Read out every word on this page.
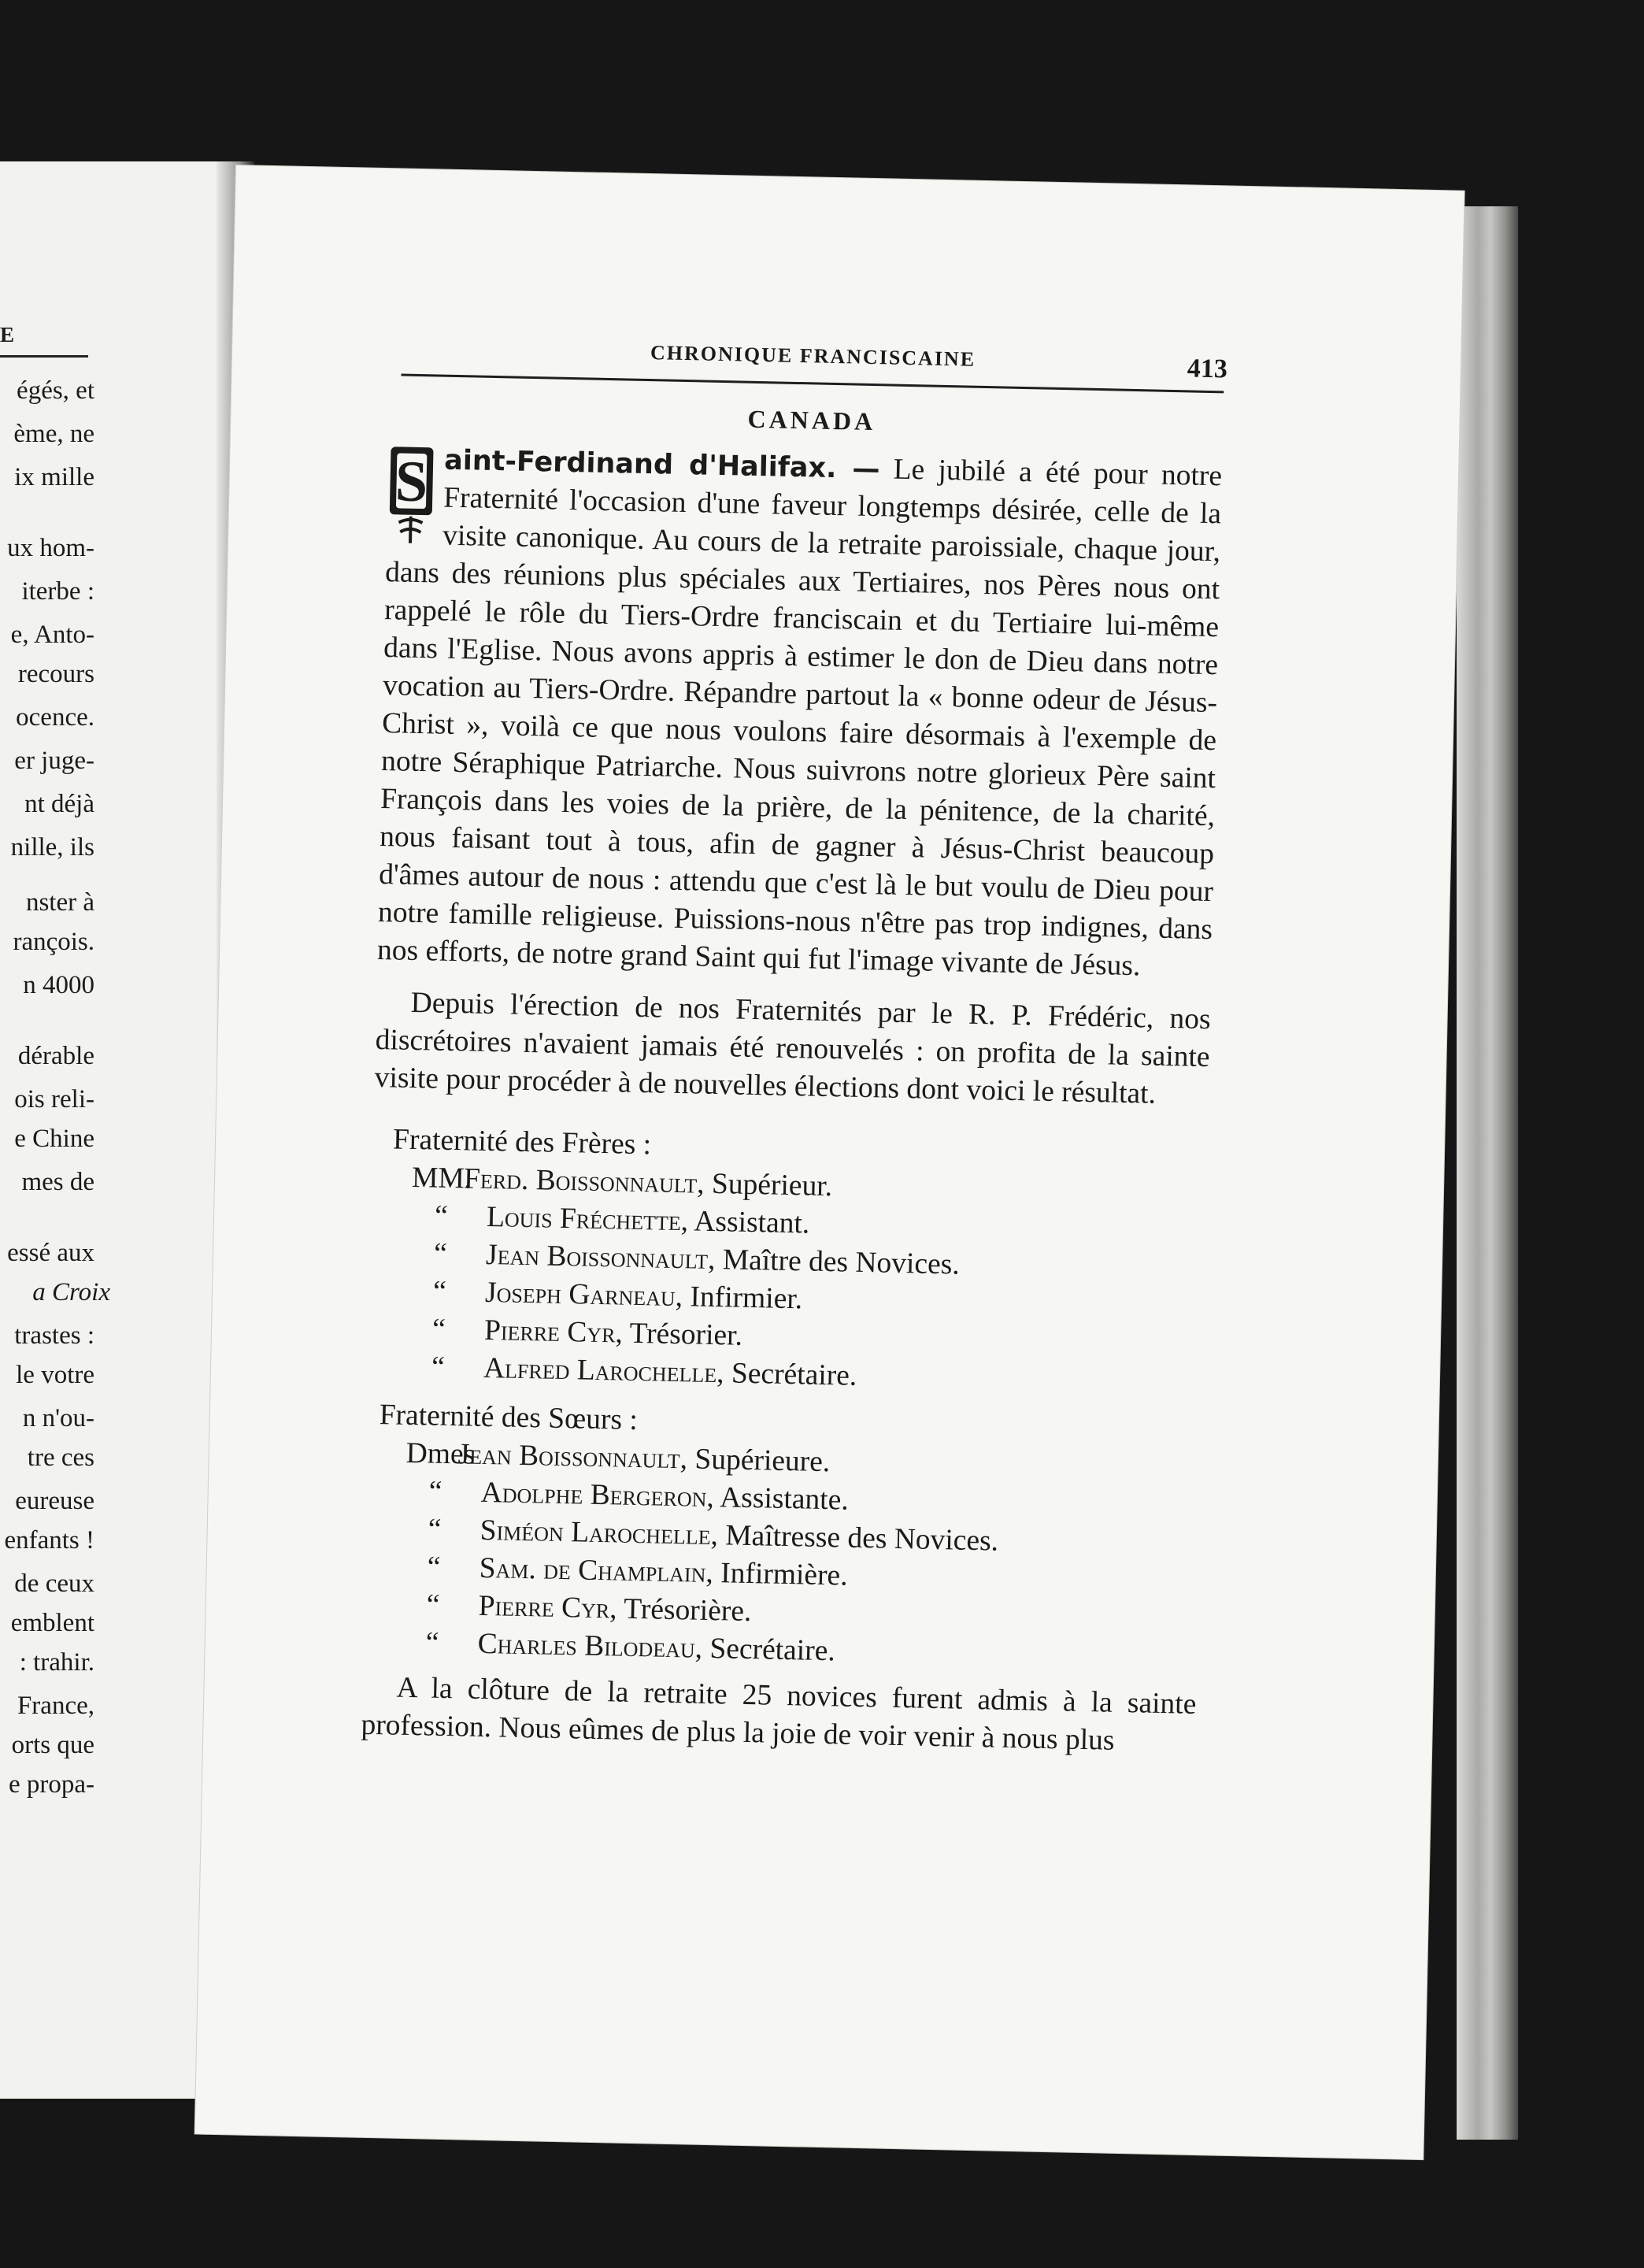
E
égés, et
ème, ne
ix mille
ux hom-
iterbe :
e, Anto-
recours
ocence.
er juge-
nt déjà
nille, ils
nster à
rançois.
n 4000
dérable
ois reli-
e Chine
mes de
essé aux
a Croix
trastes :
le votre
n n'ou-
tre ces
eureuse
enfants !
de ceux
emblent
: trahir.
France,
orts que
e propa-
CHRONIQUE FRANCISCAINE	413
CANADA

S aint-Ferdinand d'Halifax. — Le jubilé a été pour notre Fraternité l'occasion d'une faveur longtemps désirée, celle de la visite canonique. Au cours de la retraite paroissiale, chaque jour, dans des réunions plus spéciales aux Tertiaires, nos Pères nous ont rappelé le rôle du Tiers-Ordre franciscain et du Tertiaire lui-même dans l'Eglise. Nous avons appris à estimer le don de Dieu dans notre vocation au Tiers-Ordre. Répandre partout la « bonne odeur de Jésus-Christ », voilà ce que nous voulons faire désormais à l'exemple de notre Séraphique Patriarche. Nous suivrons notre glorieux Père saint François dans les voies de la prière, de la pénitence, de la charité, nous faisant tout à tous, afin de gagner à Jésus-Christ beaucoup d'âmes autour de nous : attendu que c'est là le but voulu de Dieu pour notre famille religieuse. Puissions-nous n'être pas trop indignes, dans nos efforts, de notre grand Saint qui fut l'image vivante de Jésus.

Depuis l'érection de nos Fraternités par le R. P. Frédéric, nos discrétoires n'avaient jamais été renouvelés : on profita de la sainte visite pour procéder à de nouvelles élections dont voici le résultat.

Fraternité des Frères :

MM.Ferd. Boissonnault, Supérieur.
“ Louis Fréchette, Assistant.
“ Jean Boissonnault, Maître des Novices.
“ Joseph Garneau, Infirmier.
“ Pierre Cyr, Trésorier.
“ Alfred Larochelle, Secrétaire.

Fraternité des Sœurs :

DmesJean Boissonnault, Supérieure.
“ Adolphe Bergeron, Assistante.
“ Siméon Larochelle, Maîtresse des Novices.
“ Sam. de Champlain, Infirmière.
“ Pierre Cyr, Trésorière.
“ Charles Bilodeau, Secrétaire.

A la clôture de la retraite 25 novices furent admis à la sainte profession. Nous eûmes de plus la joie de voir venir à nous plus
